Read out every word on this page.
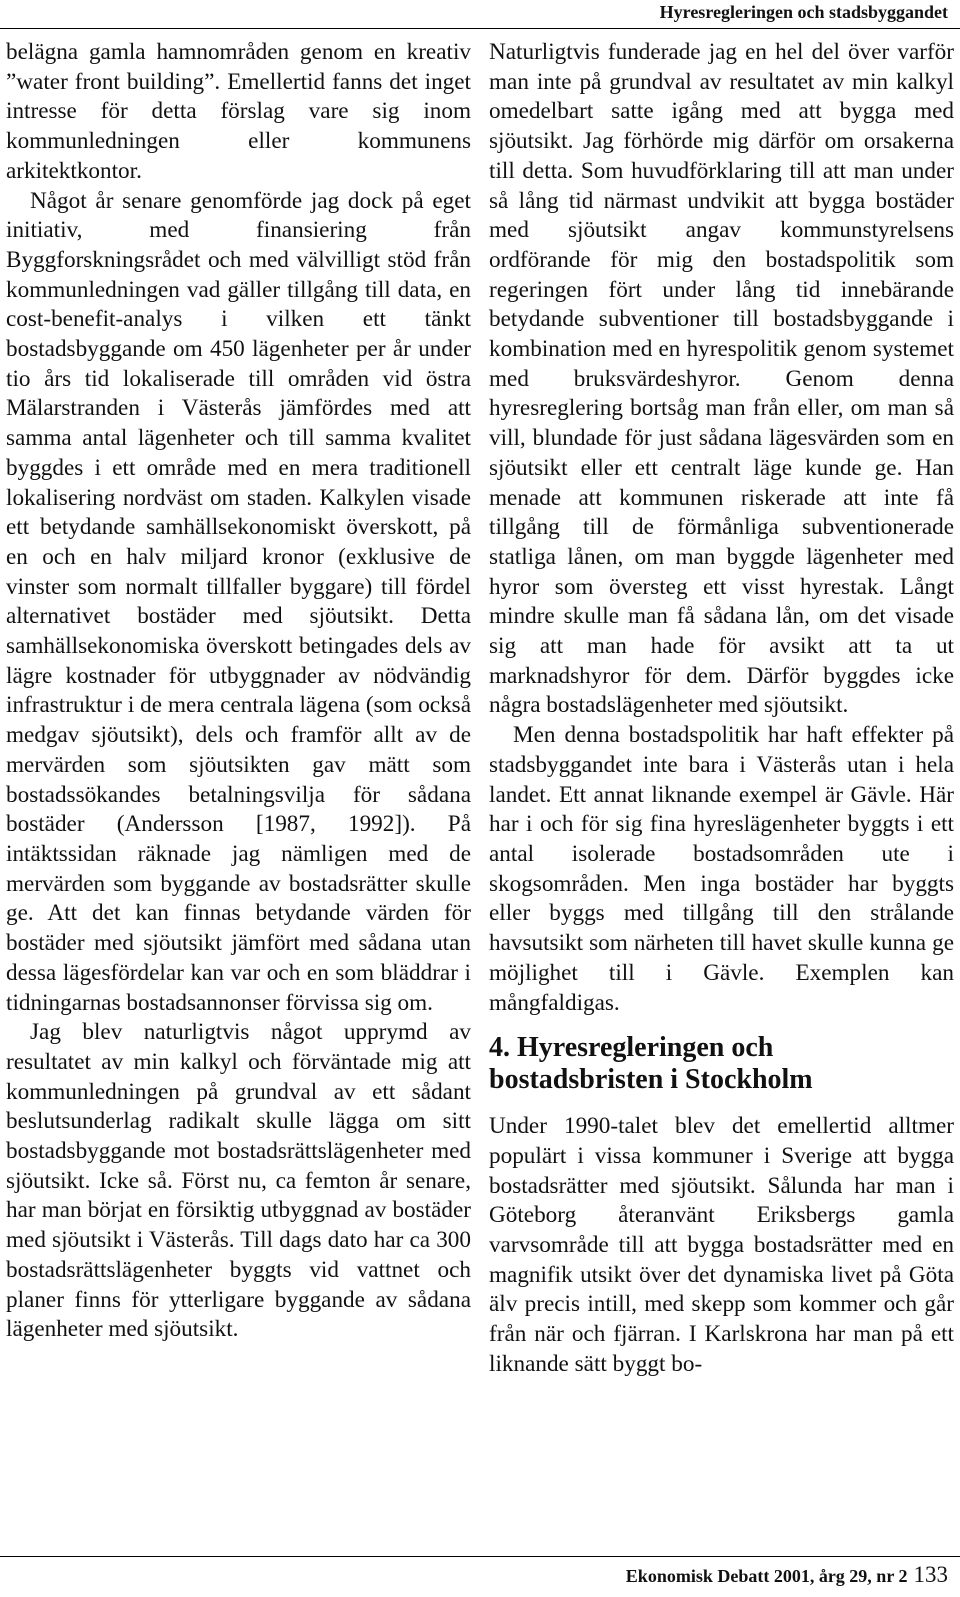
Hyresregleringen och stadsbyggandet

belägna gamla hamnområden genom en kreativ ”water front building”. Emellertid fanns det inget intresse för detta förslag vare sig inom kommunledningen eller kommunens arkitektkontor.

Något år senare genomförde jag dock på eget initiativ, med finansiering från Byggforskningsrådet och med välvilligt stöd från kommunledningen vad gäller tillgång till data, en cost-benefit-analys i vilken ett tänkt bostadsbyggande om 450 lägenheter per år under tio års tid lokaliserade till områden vid östra Mälarstranden i Västerås jämfördes med att samma antal lägenheter och till samma kvalitet byggdes i ett område med en mera traditionell lokalisering nordväst om staden. Kalkylen visade ett betydande samhällsekonomiskt överskott, på en och en halv miljard kronor (exklusive de vinster som normalt tillfaller byggare) till fördel alternativet bostäder med sjöutsikt. Detta samhällsekonomiska överskott betingades dels av lägre kostnader för utbyggnader av nödvändig infrastruktur i de mera centrala lägena (som också medgav sjöutsikt), dels och framför allt av de mervärden som sjöutsikten gav mätt som bostadssökandes betalningsvilja för sådana bostäder (Andersson [1987, 1992]). På intäktssidan räknade jag nämligen med de mervärden som byggande av bostadsrätter skulle ge. Att det kan finnas betydande värden för bostäder med sjöutsikt jämfört med sådana utan dessa lägesfördelar kan var och en som bläddrar i tidningarnas bostadsannonser förvissa sig om.

Jag blev naturligtvis något upprymd av resultatet av min kalkyl och förväntade mig att kommunledningen på grundval av ett sådant beslutsunderlag radikalt skulle lägga om sitt bostadsbyggande mot bostadsrättslägenheter med sjöutsikt. Icke så. Först nu, ca femton år senare, har man börjat en försiktig utbyggnad av bostäder med sjöutsikt i Västerås. Till dags dato har ca 300 bostadsrättslägenheter byggts vid vattnet och planer finns för ytterligare byggande av sådana lägenheter med sjöutsikt.

Naturligtvis funderade jag en hel del över varför man inte på grundval av resultatet av min kalkyl omedelbart satte igång med att bygga med sjöutsikt. Jag förhörde mig därför om orsakerna till detta. Som huvudförklaring till att man under så lång tid närmast undvikit att bygga bostäder med sjöutsikt angav kommunstyrelsens ordförande för mig den bostadspolitik som regeringen fört under lång tid innebärande betydande subventioner till bostadsbyggande i kombination med en hyrespolitik genom systemet med bruksvärdeshyror. Genom denna hyresreglering bortsåg man från eller, om man så vill, blundade för just sådana lägesvärden som en sjöutsikt eller ett centralt läge kunde ge. Han menade att kommunen riskerade att inte få tillgång till de förmånliga subventionerade statliga lånen, om man byggde lägenheter med hyror som översteg ett visst hyrestak. Långt mindre skulle man få sådana lån, om det visade sig att man hade för avsikt att ta ut marknadshyror för dem. Därför byggdes icke några bostadslägenheter med sjöutsikt.

Men denna bostadspolitik har haft effekter på stadsbyggandet inte bara i Västerås utan i hela landet. Ett annat liknande exempel är Gävle. Här har i och för sig fina hyreslägenheter byggts i ett antal isolerade bostadsområden ute i skogsområden. Men inga bostäder har byggts eller byggs med tillgång till den strålande havsutsikt som närheten till havet skulle kunna ge möjlighet till i Gävle. Exemplen kan mångfaldigas.

4. Hyresregleringen och bostadsbristen i Stockholm

Under 1990-talet blev det emellertid alltmer populärt i vissa kommuner i Sverige att bygga bostadsrätter med sjöutsikt. Sålunda har man i Göteborg återanvänt Eriksbergs gamla varvsområde till att bygga bostadsrätter med en magnifik utsikt över det dynamiska livet på Göta älv precis intill, med skepp som kommer och går från när och fjärran. I Karlskrona har man på ett liknande sätt byggt bo-

Ekonomisk Debatt 2001, årg 29, nr 2 133
